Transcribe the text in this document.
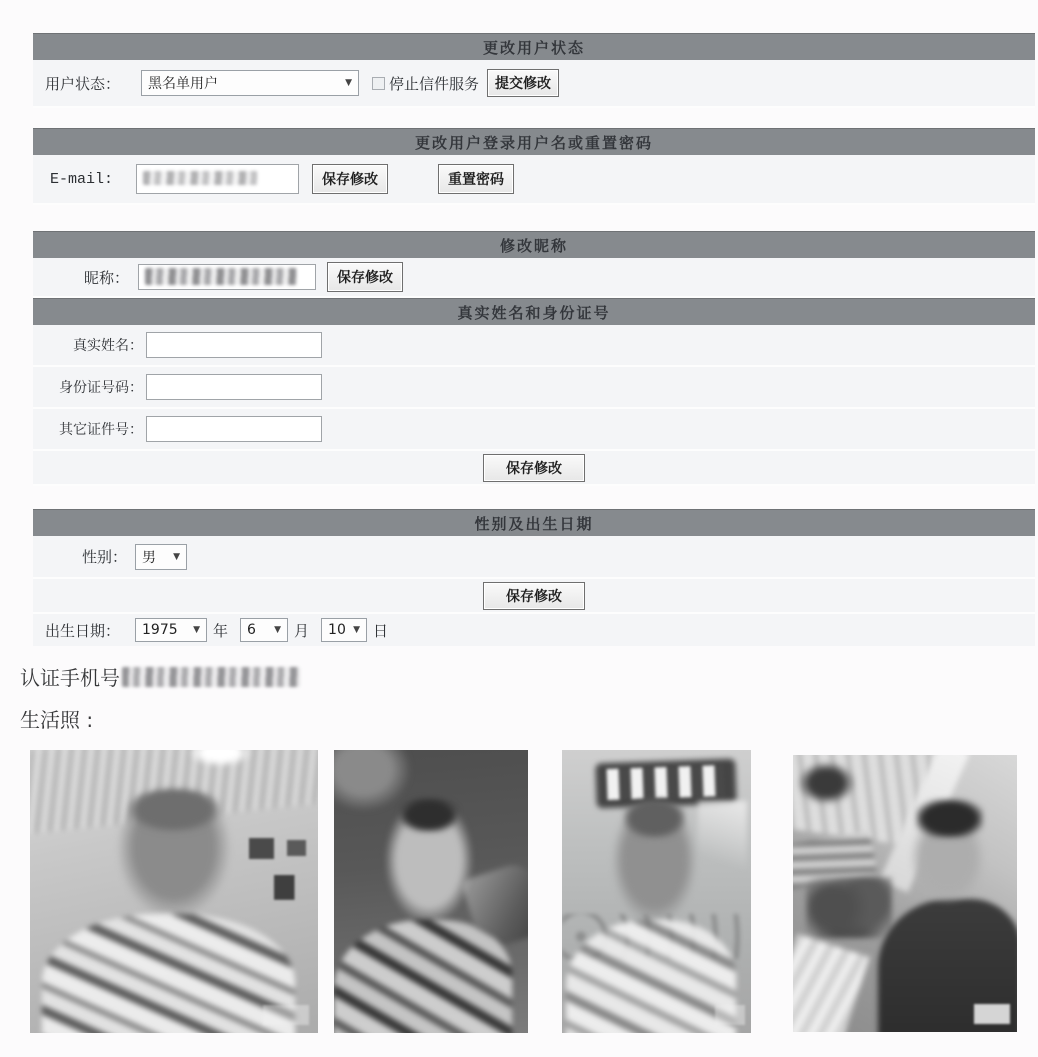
更改用户状态
用户状态：	黑名单用户	▼ 停止信件服务	提交修改
更改用户登录用户名或重置密码
E-mail:	保存修改	重置密码
修改昵称
昵称：	保存修改
真实姓名和身份证号
真实姓名：
身份证号码：
其它证件号：
保存修改
性别及出生日期
性别：	男 ▼
保存修改
出生日期： 1975 ▼ 年 6 ▼ 月 10 ▼ 日
认证手机号
生活照 :
